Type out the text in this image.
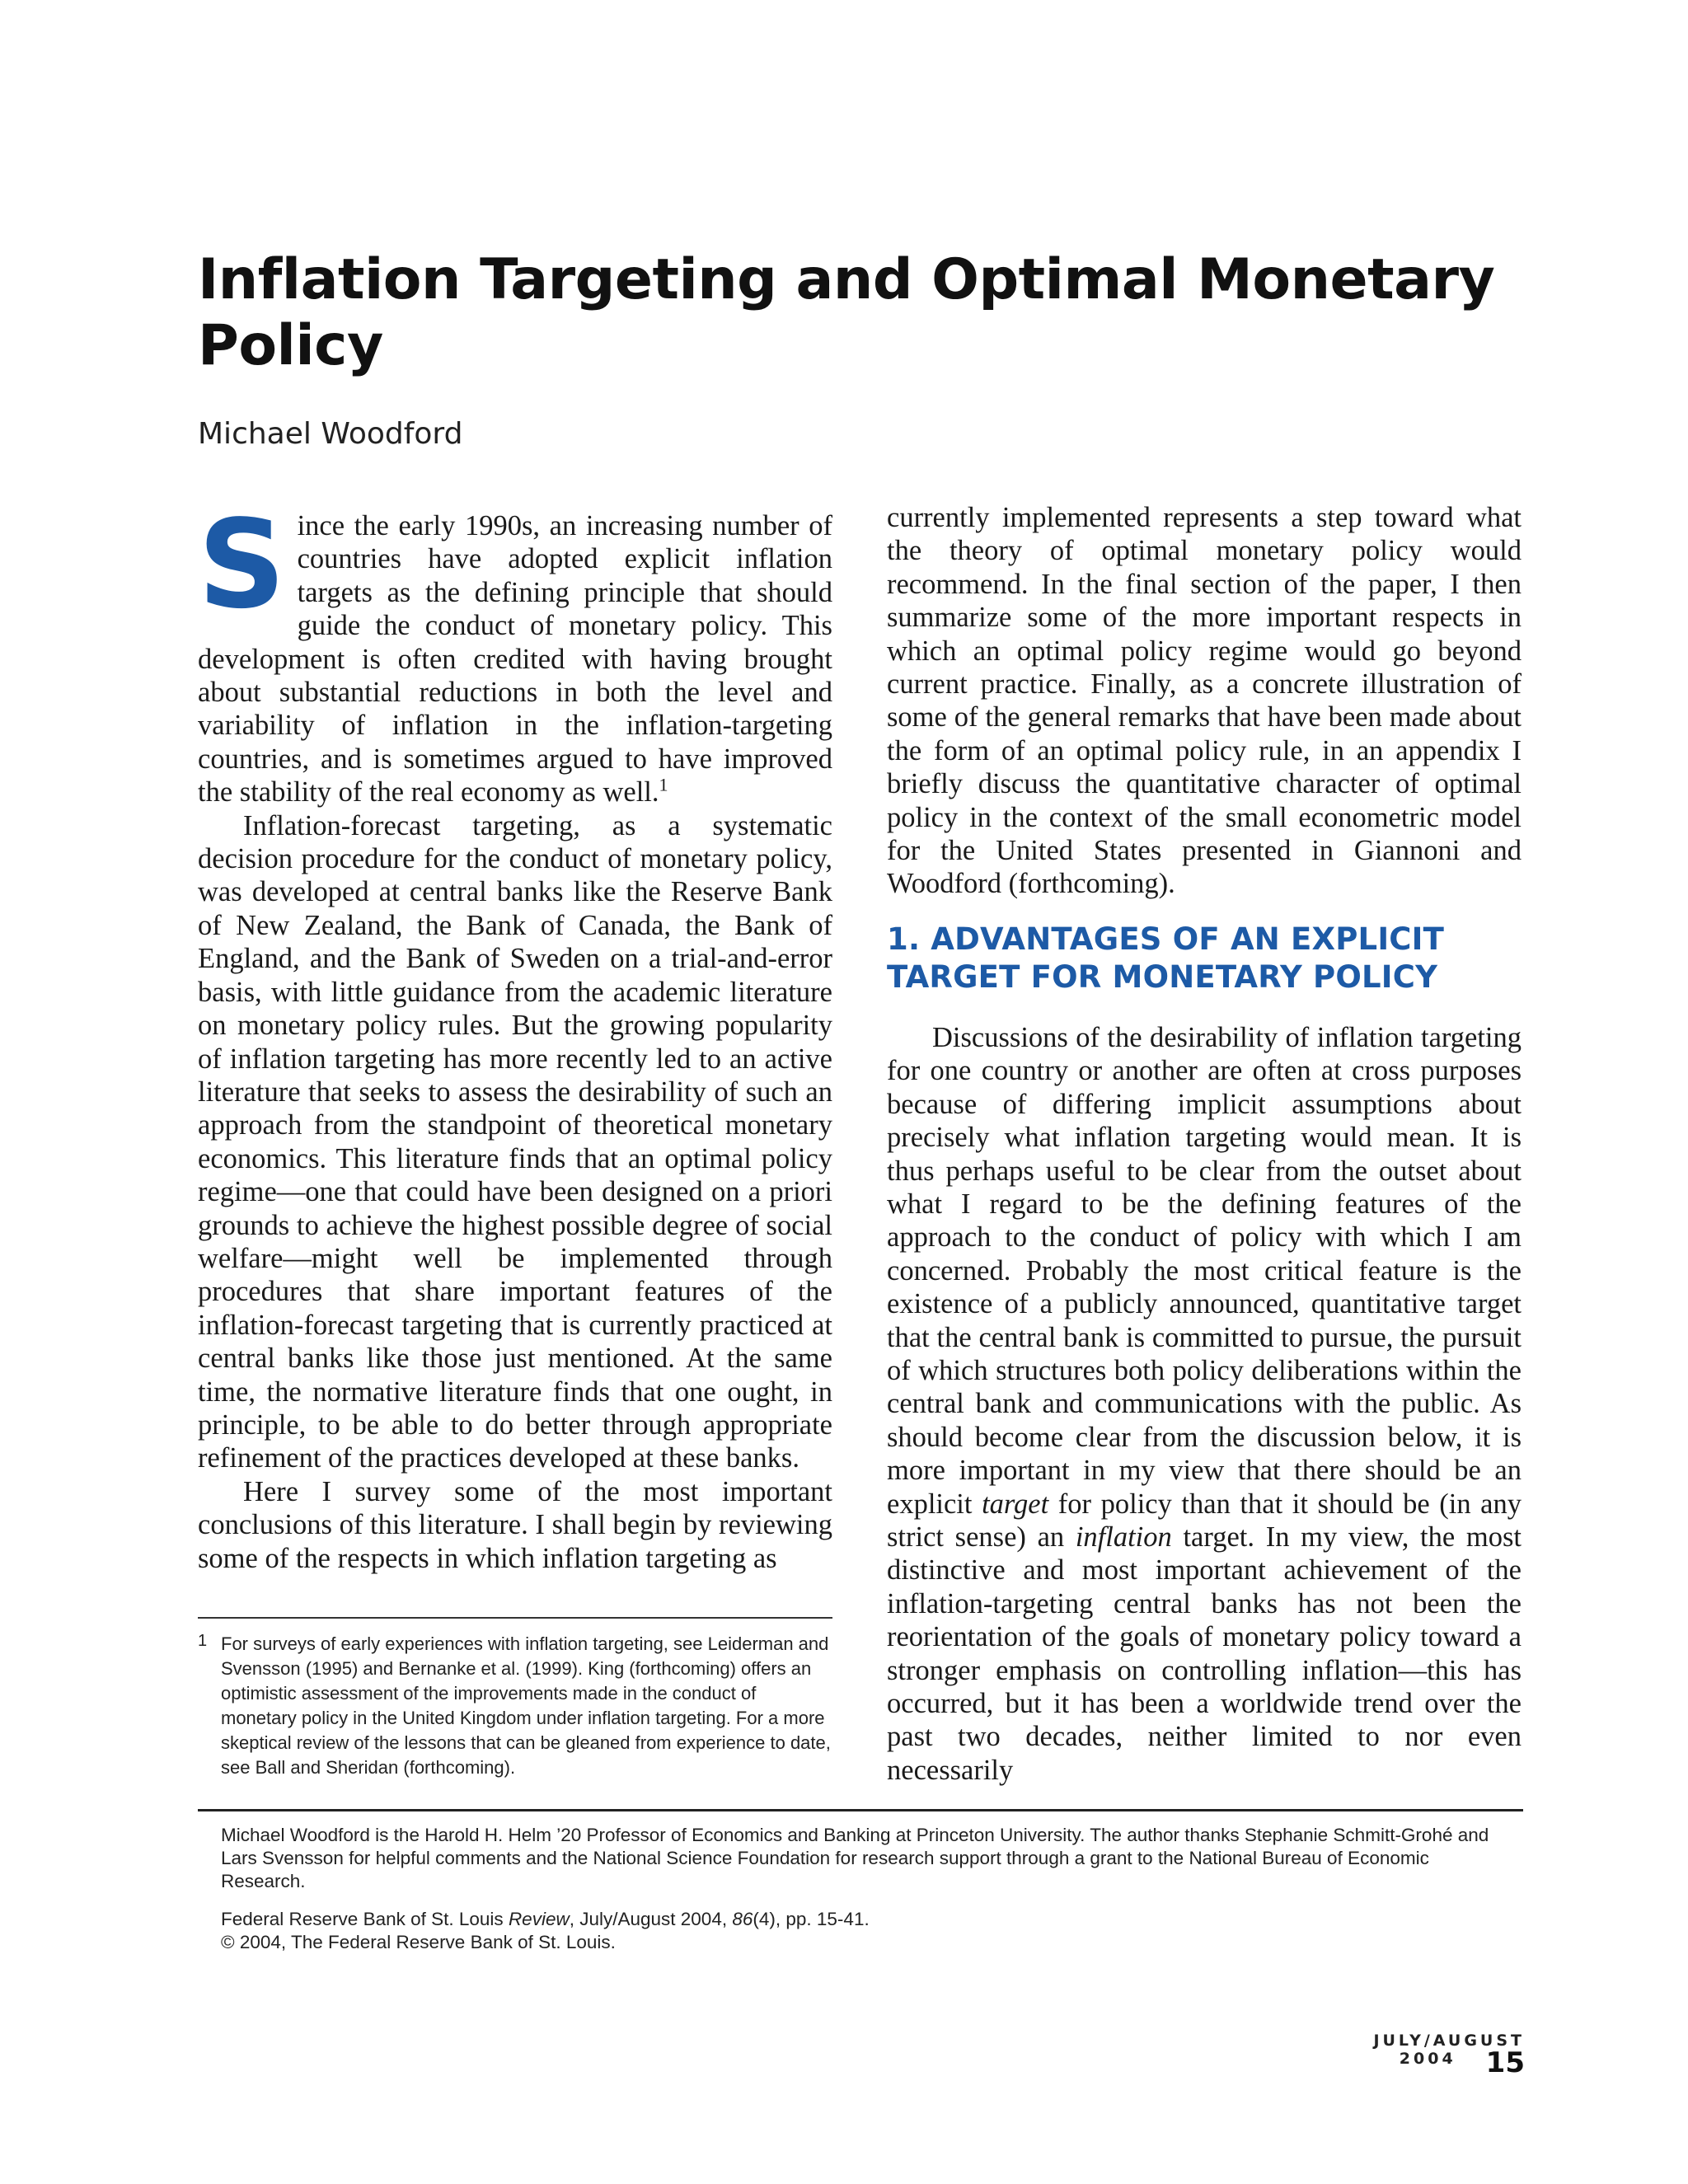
Inflation Targeting and Optimal Monetary Policy
Michael Woodford

Since the early 1990s, an increasing number of countries have adopted explicit inflation targets as the defining principle that should guide the conduct of monetary policy. This development is often credited with having brought about substantial reductions in both the level and variability of inflation in the inflation-targeting countries, and is sometimes argued to have improved the stability of the real economy as well.$^1$

Inflation-forecast targeting, as a systematic decision procedure for the conduct of monetary policy, was developed at central banks like the Reserve Bank of New Zealand, the Bank of Canada, the Bank of England, and the Bank of Sweden on a trial-and-error basis, with little guidance from the academic literature on monetary policy rules. But the growing popularity of inflation targeting has more recently led to an active literature that seeks to assess the desirability of such an approach from the standpoint of theoretical monetary economics. This literature finds that an optimal policy regime—one that could have been designed on a priori grounds to achieve the highest possible degree of social welfare—might well be implemented through procedures that share important features of the inflation-forecast targeting that is currently practiced at central banks like those just mentioned. At the same time, the normative literature finds that one ought, in principle, to be able to do better through appropriate refinement of the practices developed at these banks.

Here I survey some of the most important conclusions of this literature. I shall begin by reviewing some of the respects in which inflation targeting as

1 For surveys of early experiences with inflation targeting, see Leiderman and Svensson (1995) and Bernanke et al. (1999). King (forthcoming) offers an optimistic assessment of the improvements made in the conduct of monetary policy in the United Kingdom under inflation targeting. For a more skeptical review of the lessons that can be gleaned from experience to date, see Ball and Sheridan (forthcoming).

currently implemented represents a step toward what the theory of optimal monetary policy would recommend. In the final section of the paper, I then summarize some of the more important respects in which an optimal policy regime would go beyond current practice. Finally, as a concrete illustration of some of the general remarks that have been made about the form of an optimal policy rule, in an appendix I briefly discuss the quantitative character of optimal policy in the context of the small econometric model for the United States presented in Giannoni and Woodford (forthcoming).

1. ADVANTAGES OF AN EXPLICIT TARGET FOR MONETARY POLICY

Discussions of the desirability of inflation targeting for one country or another are often at cross purposes because of differing implicit assumptions about precisely what inflation targeting would mean. It is thus perhaps useful to be clear from the outset about what I regard to be the defining features of the approach to the conduct of policy with which I am concerned. Probably the most critical feature is the existence of a publicly announced, quantitative target that the central bank is committed to pursue, the pursuit of which structures both policy deliberations within the central bank and communications with the public. As should become clear from the discussion below, it is more important in my view that there should be an explicit target for policy than that it should be (in any strict sense) an inflation target. In my view, the most distinctive and most important achievement of the inflation-targeting central banks has not been the reorientation of the goals of monetary policy toward a stronger emphasis on controlling inflation—this has occurred, but it has been a worldwide trend over the past two decades, neither limited to nor even necessarily

Michael Woodford is the Harold H. Helm ’20 Professor of Economics and Banking at Princeton University. The author thanks Stephanie Schmitt-Grohé and Lars Svensson for helpful comments and the National Science Foundation for research support through a grant to the National Bureau of Economic Research.

Federal Reserve Bank of St. Louis Review, July/August 2004, 86(4), pp. 15-41.
© 2004, The Federal Reserve Bank of St. Louis.

JULY/AUGUST 2004 15
